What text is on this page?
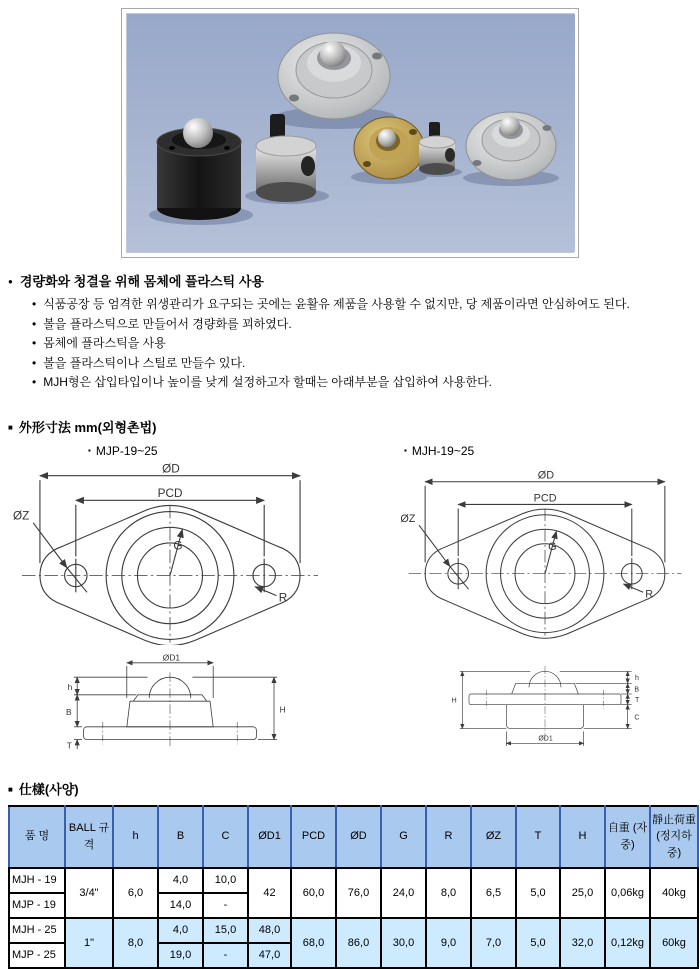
● 경량화와 청결을 위해 몸체에 플라스틱 사용
• 식품공장 등 엄격한 위생관리가 요구되는 곳에는 윤활유 제품을 사용할 수 없지만, 당 제품이라면 안심하여도 된다.
• 볼을 플라스틱으로 만들어서 경량화를 꾀하였다.
• 몸체에 플라스틱을 사용
• 볼을 플라스틱이나 스틸로 만들수 있다.
• MJH형은 삽입타입이나 높이를 낮게 설정하고자 할때는 아래부분을 삽입하여 사용한다.
■ 外形寸法 mm(외형촌법)
▪ MJP-19~25	▪ MJH-19~25
ØD
PCD
ØZ
G
R

ØD1
H
h
B
T
ØD
PCD
ØZ
G
R

H
h
B
T
C
ØD1
■ 仕樣(사양)
품 명	BALL 규격	h	B	C	ØD1	PCD	ØD	G	R	ØZ	T	H	自重 (자중)	靜止荷重 (정지하중)
MJH - 19	3/4"	6,0	4,0	10,0	42	60,0	76,0	24,0	8,0	6,5	5,0	25,0	0,06kg	40kg
MJP - 19			14,0	-										
MJH - 25	1"	8,0	4,0	15,0	48,0	68,0	86,0	30,0	9,0	7,0	5,0	32,0	0,12kg	60kg
MJP - 25			19,0	-	47,0									
